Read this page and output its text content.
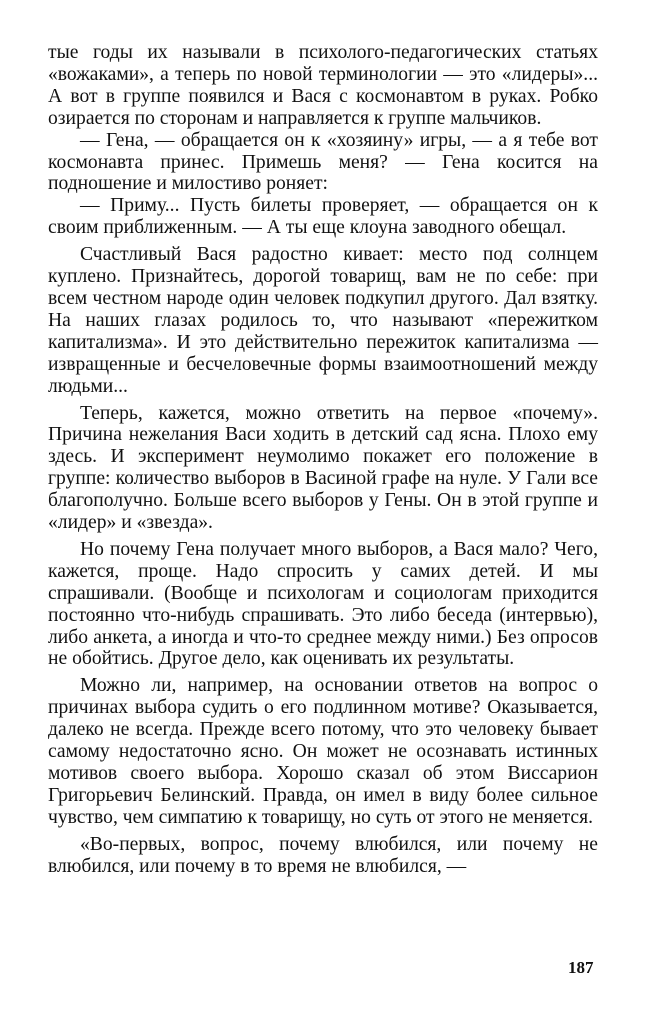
тые годы их называли в психолого-педагогических статьях «вожаками», а теперь по новой терминологии — это «лидеры»... А вот в группе появился и Вася с космонавтом в руках. Робко озирается по сторонам и направляется к группе мальчиков.

— Гена, — обращается он к «хозяину» игры, — а я тебе вот космонавта принес. Примешь меня? — Гена косится на подношение и милостиво роняет:

— Приму... Пусть билеты проверяет, — обращается он к своим приближенным. — А ты еще клоуна заводного обещал.

Счастливый Вася радостно кивает: место под солнцем куплено. Признайтесь, дорогой товарищ, вам не по себе: при всем честном народе один человек подкупил другого. Дал взятку. На наших глазах родилось то, что называют «пережитком капитализма». И это действительно пережиток капитализма — извращенные и бесчеловечные формы взаимоотношений между людьми...

Теперь, кажется, можно ответить на первое «почему». Причина нежелания Васи ходить в детский сад ясна. Плохо ему здесь. И эксперимент неумолимо покажет его положение в группе: количество выборов в Васиной графе на нуле. У Гали все благополучно. Больше всего выборов у Гены. Он в этой группе и «лидер» и «звезда».

Но почему Гена получает много выборов, а Вася мало? Чего, кажется, проще. Надо спросить у самих детей. И мы спрашивали. (Вообще и психологам и социологам приходится постоянно что-нибудь спрашивать. Это либо беседа (интервью), либо анкета, а иногда и что-то среднее между ними.) Без опросов не обойтись. Другое дело, как оценивать их результаты.

Можно ли, например, на основании ответов на вопрос о причинах выбора судить о его подлинном мотиве? Оказывается, далеко не всегда. Прежде всего потому, что это человеку бывает самому недостаточно ясно. Он может не осознавать истинных мотивов своего выбора. Хорошо сказал об этом Виссарион Григорьевич Белинский. Правда, он имел в виду более сильное чувство, чем симпатию к товарищу, но суть от этого не меняется.

«Во-первых, вопрос, почему влюбился, или почему не влюбился, или почему в то время не влюбился, —

187
